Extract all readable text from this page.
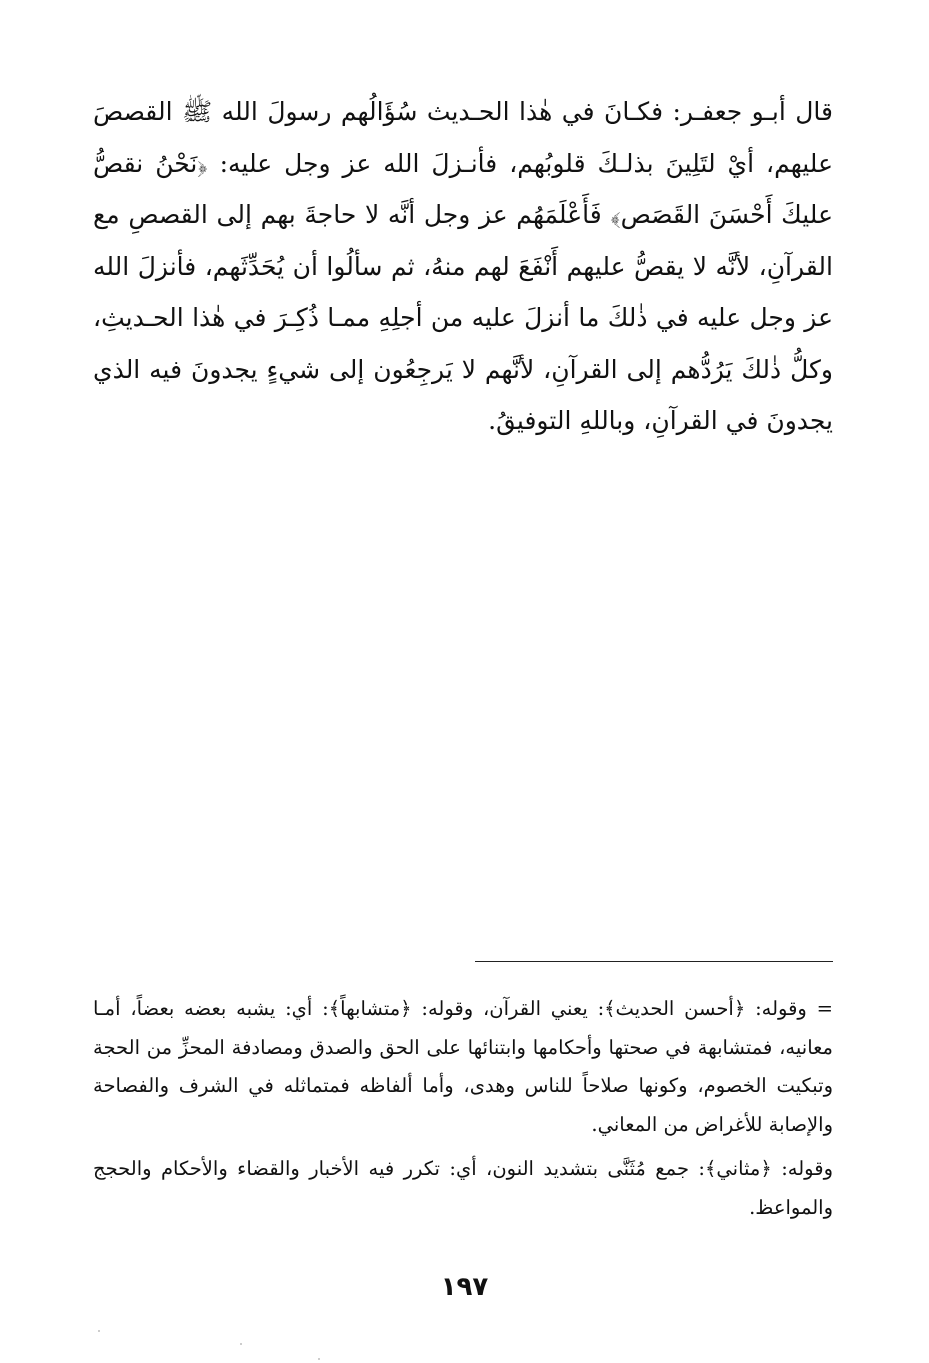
قال أبـو جعفـر: فكـانَ في هٰذا الحـديث سُؤَالُهم رسولَ الله ﷺ القصصَ عليهم، أيْ لتَلِينَ بذلـكَ قلوبُهم، فأنـزلَ الله عز وجل عليه: ﴿نَحْنُ نقصُّ عليكَ أَحْسَنَ القَصَص﴾ فَأَعْلَمَهُم عز وجل أنَّه لا حاجةَ بهم إلى القصصِ مع القرآنِ، لأنَّه لا يقصُّ عليهم أَنْفَعَ لهم منهُ، ثم سألُوا أن يُحَدِّثَهم، فأنزلَ الله عز وجل عليه في ذٰلكَ ما أنزلَ عليه من أجلِهِ ممـا ذُكِـرَ في هٰذا الحـديثِ، وكلُّ ذٰلكَ يَرُدُّهم إلى القرآنِ، لأنَّهم لا يَرجِعُون إلى شيءٍ يجدونَ فيه الذي يجدونَ في القرآنِ، وباللهِ التوفيقُ.

= وقوله: ﴿أحسن الحديث﴾: يعني القرآن، وقوله: ﴿متشابهاً﴾: أي: يشبه بعضه بعضاً، أمـا معانيه، فمتشابهة في صحتها وأحكامها وابتنائها على الحق والصدق ومصادفة المحزِّ من الحجة وتبكيت الخصوم، وكونها صلاحاً للناس وهدى، وأما ألفاظه فمتماثله في الشرف والفصاحة والإصابة للأغراض من المعاني.

وقوله: ﴿مثاني﴾: جمع مُثَنَّى بتشديد النون، أي: تكرر فيه الأخبار والقضاء والأحكام والحجج والمواعظ.

١٩٧
